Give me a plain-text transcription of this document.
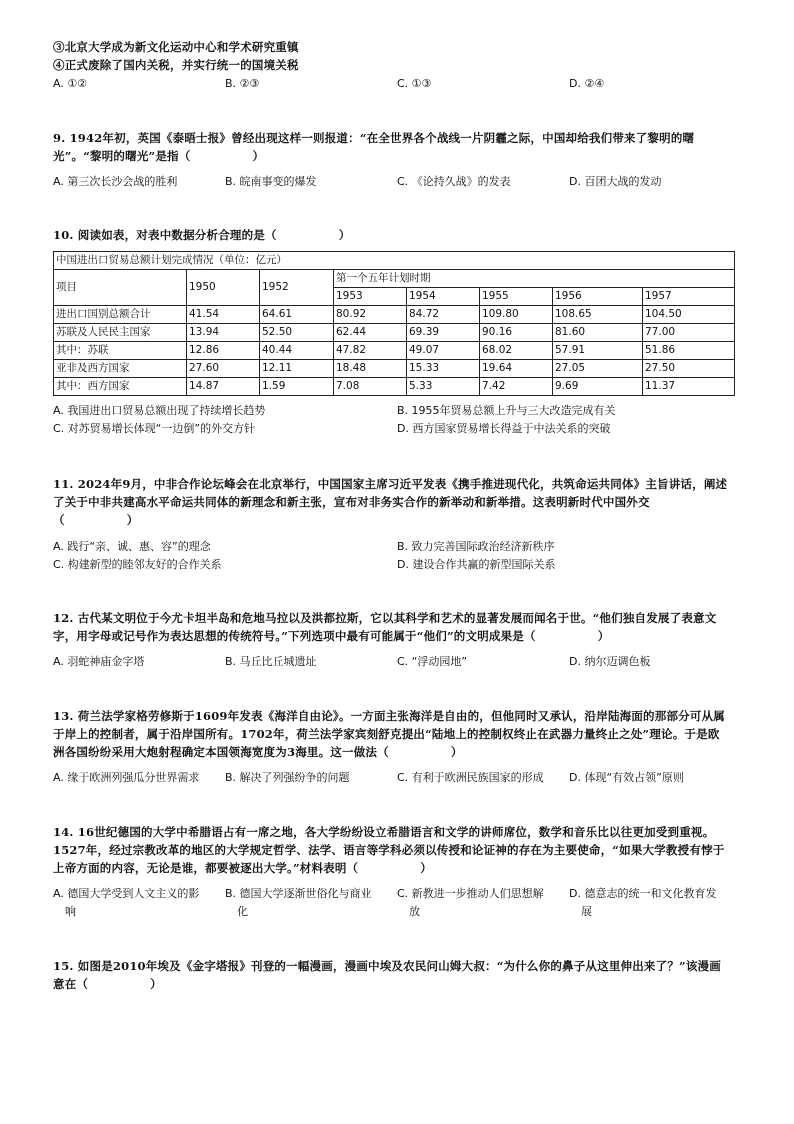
③北京大学成为新文化运动中心和学术研究重镇
④正式废除了国内关税，并实行统一的国境关税
A. ①②	B. ②③	C. ①③	D. ②④
9. 1942年初，英国《泰晤士报》曾经出现这样一则报道：“在全世界各个战线一片阴霾之际，中国却给我们带来了黎明的曙
光”。“黎明的曙光”是指（	）
A. 第三次长沙会战的胜利	B. 皖南事变的爆发	C. 《论持久战》的发表	D. 百团大战的发动
10. 阅读如表，对表中数据分析合理的是（	）
中国进出口贸易总额计划完成情况（单位：亿元）							
项目	1950	1952	第一个五年计划时期				
			1953	1954	1955	1956	1957
进出口国别总额合计	41.54	64.61	80.92	84.72	109.80	108.65	104.50
苏联及人民民主国家	13.94	52.50	62.44	69.39	90.16	81.60	77.00
其中：苏联	12.86	40.44	47.82	49.07	68.02	57.91	51.86
亚非及西方国家	27.60	12.11	18.48	15.33	19.64	27.05	27.50
其中：西方国家	14.87	1.59	7.08	5.33	7.42	9.69	11.37
A. 我国进出口贸易总额出现了持续增长趋势	B. 1955年贸易总额上升与三大改造完成有关
C. 对苏贸易增长体现“一边倒”的外交方针	D. 西方国家贸易增长得益于中法关系的突破
11. 2024年9月，中非合作论坛峰会在北京举行，中国国家主席习近平发表《携手推进现代化，共筑命运共同体》主旨讲话，阐述
了关于中非共建高水平命运共同体的新理念和新主张，宣布对非务实合作的新举动和新举措。这表明新时代中国外交
（	）
A. 践行“亲、诚、惠、容”的理念	B. 致力完善国际政治经济新秩序
C. 构建新型的睦邻友好的合作关系	D. 建设合作共赢的新型国际关系
12. 古代某文明位于今尤卡坦半岛和危地马拉以及洪都拉斯，它以其科学和艺术的显著发展而闻名于世。“他们独自发展了表意文
字，用字母或记号作为表达思想的传统符号。”下列选项中最有可能属于“他们”的文明成果是（	）
A. 羽蛇神庙金字塔	B. 马丘比丘城遗址	C. “浮动园地”	D. 纳尔迈调色板
13. 荷兰法学家格劳修斯于1609年发表《海洋自由论》。一方面主张海洋是自由的，但他同时又承认，沿岸陆海面的那部分可从属
于岸上的控制者，属于沿岸国所有。1702年，荷兰法学家宾刻舒克提出“陆地上的控制权终止在武器力量终止之处”理论。于是欧
洲各国纷纷采用大炮射程确定本国领海宽度为3海里。这一做法（	）
A. 缘于欧洲列强瓜分世界需求 B. 解决了列强纷争的问题	C. 有利于欧洲民族国家的形成 D. 体现“有效占领”原则
14. 16世纪德国的大学中希腊语占有一席之地，各大学纷纷设立希腊语言和文学的讲师席位，数学和音乐比以往更加受到重视。
1527年，经过宗教改革的地区的大学规定哲学、法学、语言等学科必须以传授和论证神的存在为主要使命，“如果大学教授有悖于
上帝方面的内容，无论是谁，都要被逐出大学。”材料表明（	）
A. 德国大学受到人文主义的影
响
B. 德国大学逐渐世俗化与商业
化
C. 新教进一步推动人们思想解
放
D. 德意志的统一和文化教育发
展
15. 如图是2010年埃及《金字塔报》刊登的一幅漫画，漫画中埃及农民问山姆大叔：“为什么你的鼻子从这里伸出来了？”该漫画
意在（	）
